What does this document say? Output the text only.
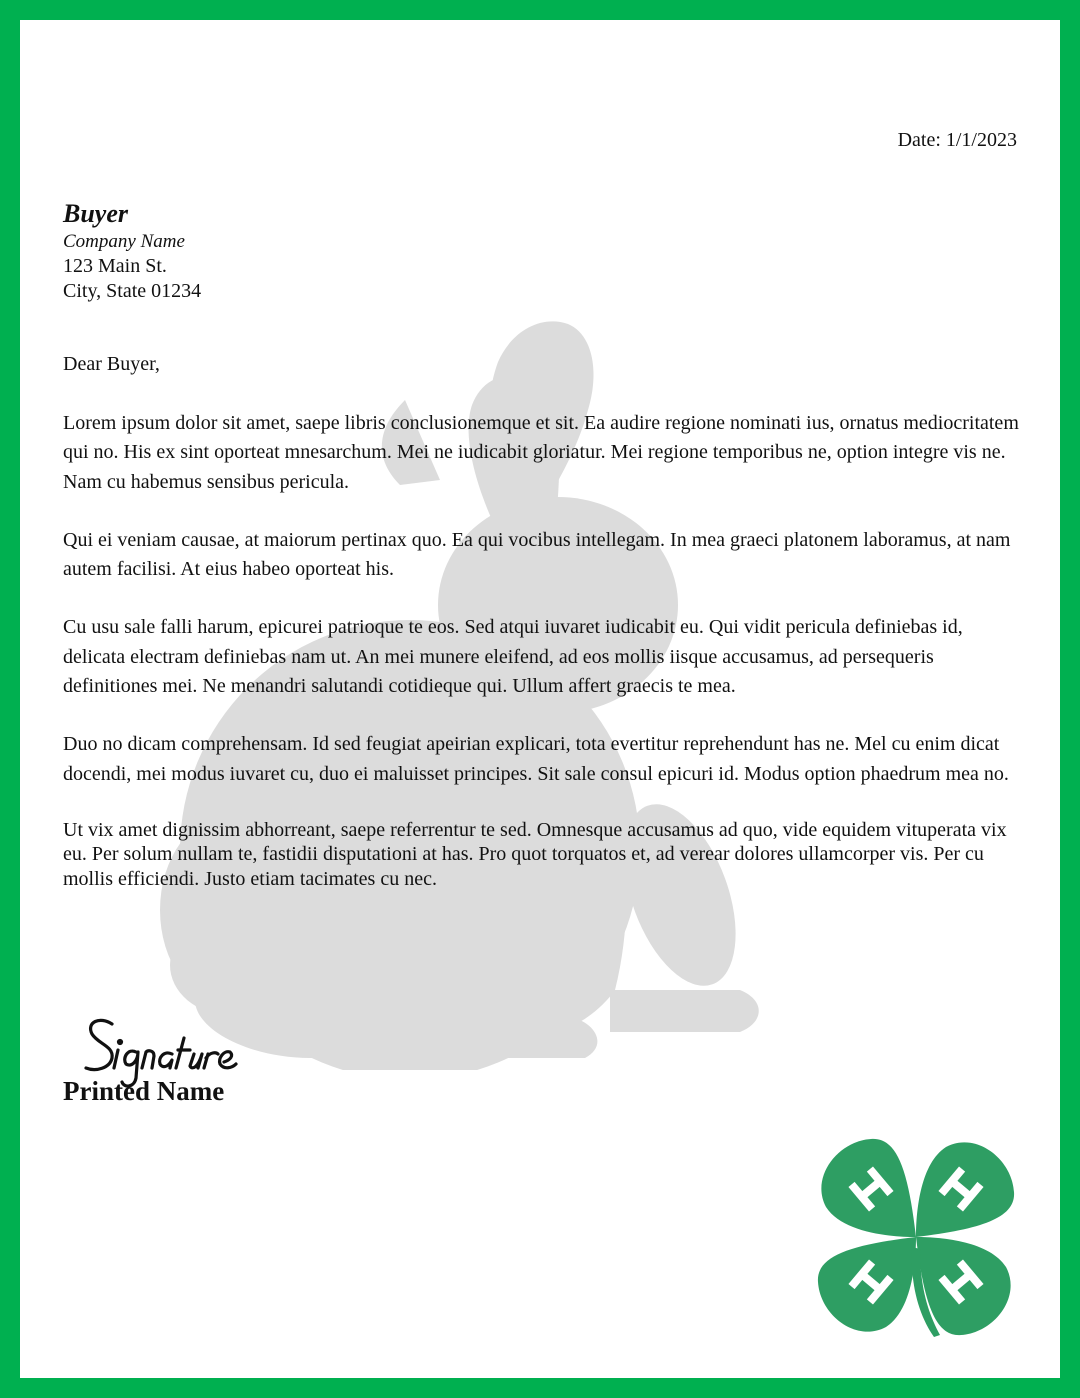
Date: 1/1/2023
Buyer
Company Name
123 Main St.
City, State 01234
Dear Buyer,

Lorem ipsum dolor sit amet, saepe libris conclusionemque et sit. Ea audire regione nominati ius, ornatus mediocritatem qui no. His ex sint oporteat mnesarchum. Mei ne iudicabit gloriatur. Mei regione temporibus ne, option integre vis ne. Nam cu habemus sensibus pericula.

Qui ei veniam causae, at maiorum pertinax quo. Ea qui vocibus intellegam. In mea graeci platonem laboramus, at nam autem facilisi. At eius habeo oporteat his.

Cu usu sale falli harum, epicurei patrioque te eos. Sed atqui iuvaret iudicabit eu. Qui vidit pericula definiebas id, delicata electram definiebas nam ut. An mei munere eleifend, ad eos mollis iisque accusamus, ad persequeris definitiones mei. Ne menandri salutandi cotidieque qui. Ullum affert graecis te mea.

Duo no dicam comprehensam. Id sed feugiat apeirian explicari, tota evertitur reprehendunt has ne. Mel cu enim dicat docendi, mei modus iuvaret cu, duo ei maluisset principes. Sit sale consul epicuri id. Modus option phaedrum mea no.

Ut vix amet dignissim abhorreant, saepe referrentur te sed. Omnesque accusamus ad quo, vide equidem vituperata vix eu. Per solum nullam te, fastidii disputationi at has. Pro quot torquatos et, ad verear dolores ullamcorper vis. Per cu mollis efficiendi. Justo etiam tacimates cu nec.

Printed Name
